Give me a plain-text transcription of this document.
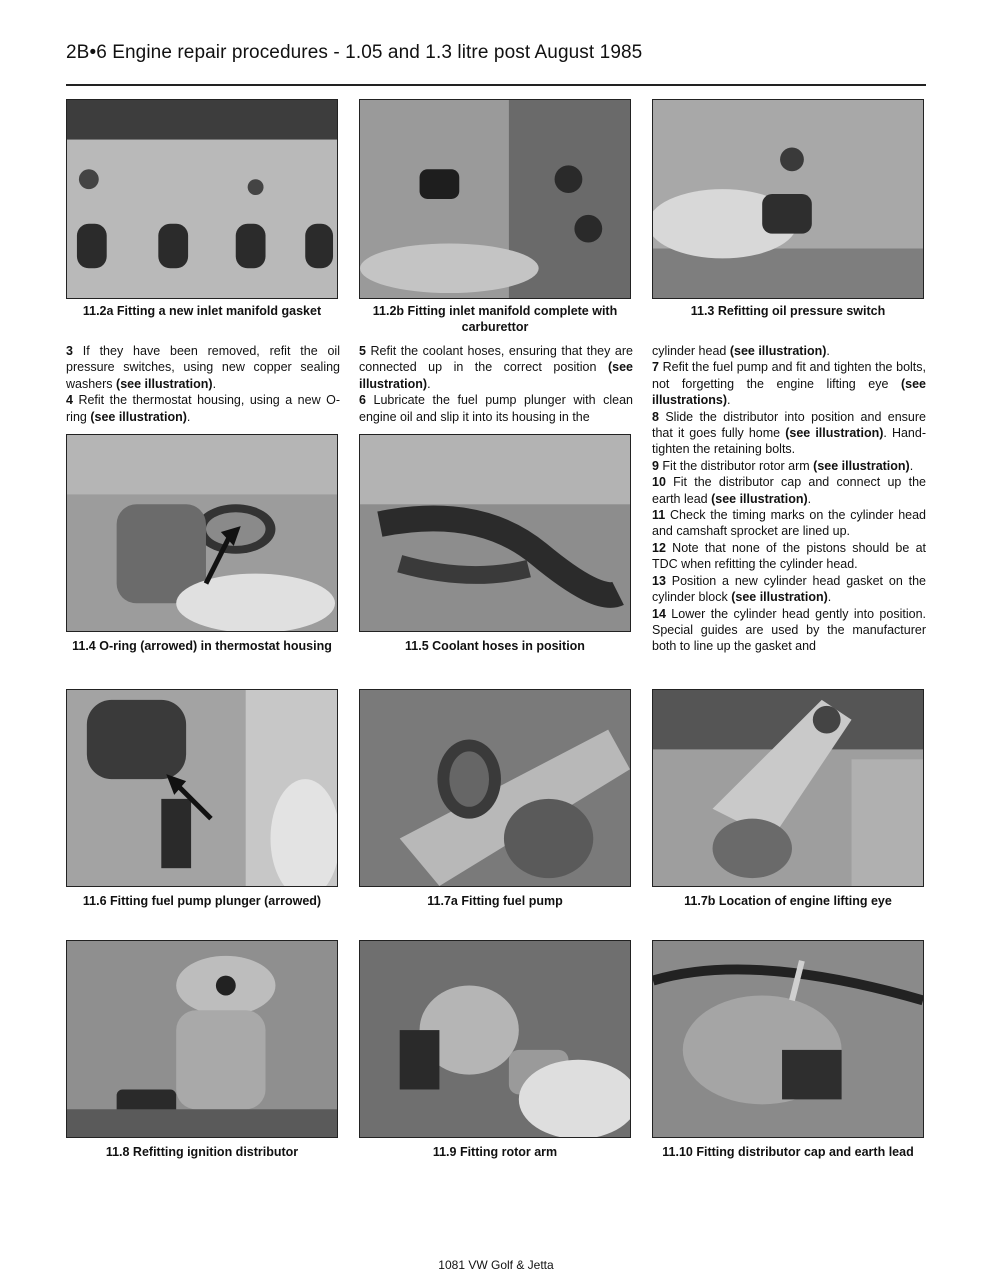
2B•6 Engine repair procedures - 1.05 and 1.3 litre post August 1985
11.2a Fitting a new inlet manifold gasket	11.2b Fitting inlet manifold complete with carburettor
11.3 Refitting oil pressure switch

3 If they have been removed, refit the oil pressure switches, using new copper sealing washers (see illustration).

4 Refit the thermostat housing, using a new O-ring (see illustration).

5 Refit the coolant hoses, ensuring that they are connected up in the correct position (see illustration).

6 Lubricate the fuel pump plunger with clean engine oil and slip it into its housing in the

cylinder head (see illustration).

7 Refit the fuel pump and fit and tighten the bolts, not forgetting the engine lifting eye (see illustrations).

8 Slide the distributor into position and ensure that it goes fully home (see illustration). Hand-tighten the retaining bolts.

9 Fit the distributor rotor arm (see illustration).

10 Fit the distributor cap and connect up the earth lead (see illustration).

11 Check the timing marks on the cylinder head and camshaft sprocket are lined up.

12 Note that none of the pistons should be at TDC when refitting the cylinder head.

13 Position a new cylinder head gasket on the cylinder block (see illustration).

14 Lower the cylinder head gently into position. Special guides are used by the manufacturer both to line up the gasket and

11.4 O-ring (arrowed) in thermostat housing	11.5 Coolant hoses in position
11.6 Fitting fuel pump plunger (arrowed)	11.7a Fitting fuel pump	11.7b Location of engine lifting eye
11.8 Refitting ignition distributor	11.9 Fitting rotor arm	11.10 Fitting distributor cap and earth lead
1081 VW Golf & Jetta
